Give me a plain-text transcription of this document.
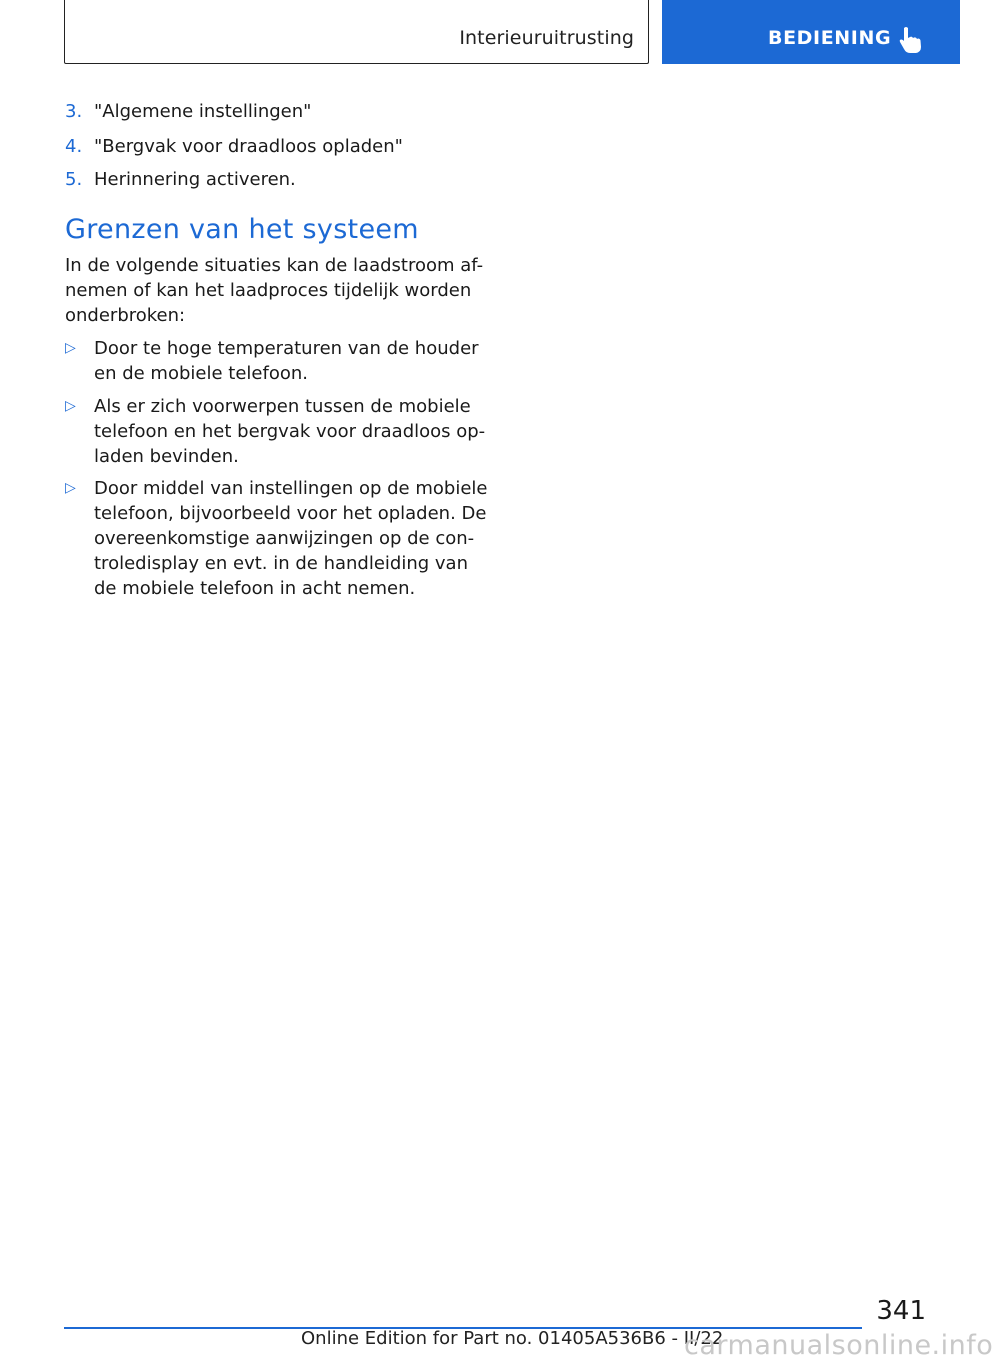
Interieuruitrusting	BEDIENING
3. "Algemene instellingen"
4. "Bergvak voor draadloos opladen"
5. Herinnering activeren.
Grenzen van het systeem

In de volgende situaties kan de laadstroom af-
nemen of kan het laadproces tijdelijk worden
onderbroken:

▷ Door te hoge temperaturen van de houder
en de mobiele telefoon.
▷ Als er zich voorwerpen tussen de mobiele
telefoon en het bergvak voor draadloos op-
laden bevinden.
▷ Door middel van instellingen op de mobiele
telefoon, bijvoorbeeld voor het opladen. De
overeenkomstige aanwijzingen op de con-
troledisplay en evt. in de handleiding van
de mobiele telefoon in acht nemen.
341
Online Edition for Part no. 01405A536B6 - II/22
carmanualsonline.info
